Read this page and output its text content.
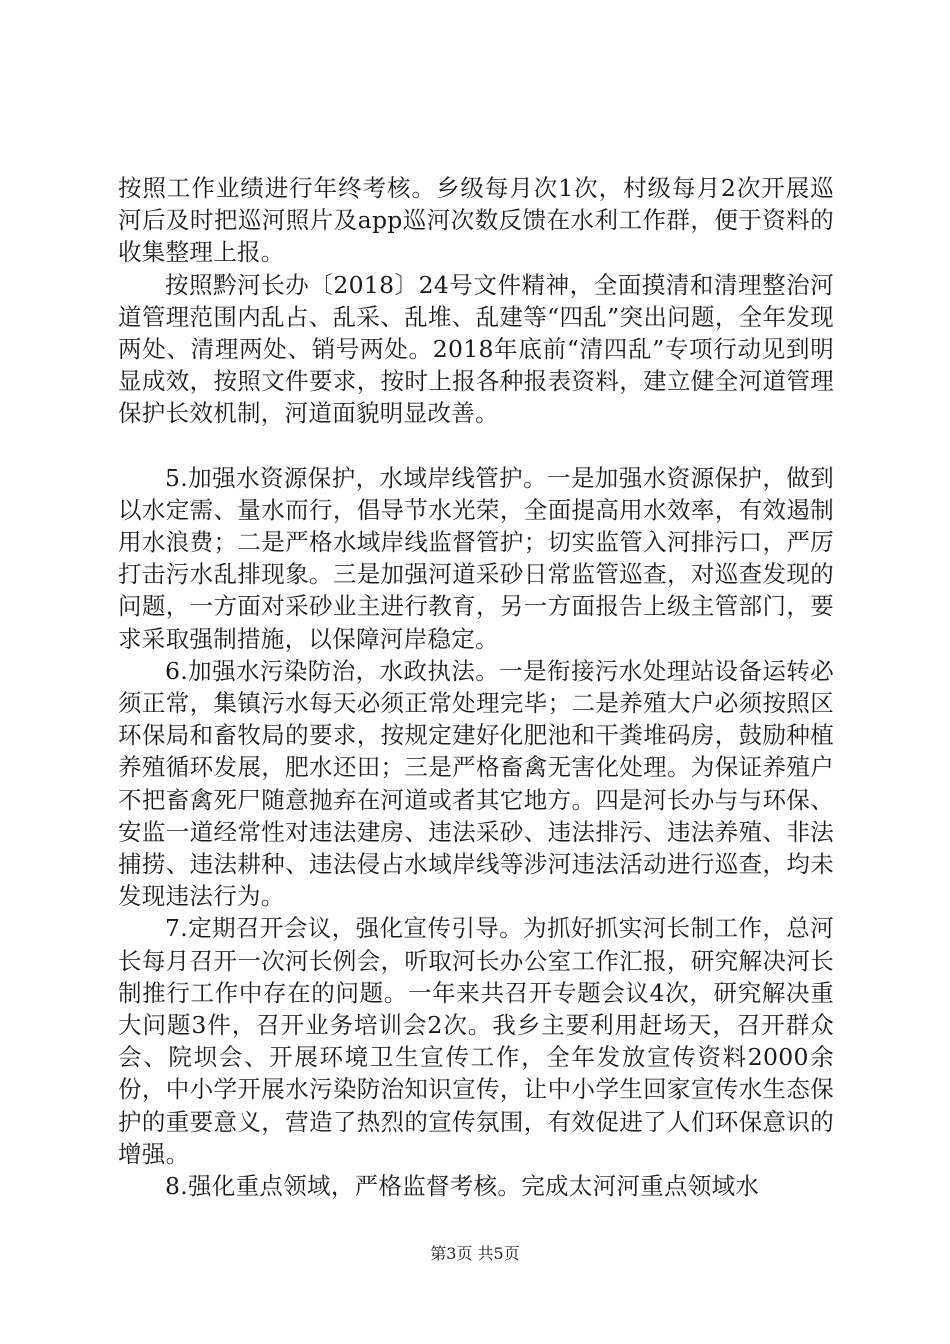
按照工作业绩进行年终考核。乡级每月次1次，村级每月2次开展巡河后及时把巡河照片及app巡河次数反馈在水利工作群，便于资料的收集整理上报。

按照黔河长办〔2018〕24号文件精神，全面摸清和清理整治河道管理范围内乱占、乱采、乱堆、乱建等“四乱”突出问题，全年发现两处、清理两处、销号两处。2018年底前“清四乱”专项行动见到明显成效，按照文件要求，按时上报各种报表资料，建立健全河道管理保护长效机制，河道面貌明显改善。

5.加强水资源保护，水域岸线管护。一是加强水资源保护，做到以水定需、量水而行，倡导节水光荣，全面提高用水效率，有效遏制用水浪费；二是严格水域岸线监督管护；切实监管入河排污口，严厉打击污水乱排现象。三是加强河道采砂日常监管巡查，对巡查发现的问题，一方面对采砂业主进行教育，另一方面报告上级主管部门，要求采取强制措施，以保障河岸稳定。

6.加强水污染防治，水政执法。一是衔接污水处理站设备运转必须正常，集镇污水每天必须正常处理完毕；二是养殖大户必须按照区环保局和畜牧局的要求，按规定建好化肥池和干粪堆码房，鼓励种植养殖循环发展，肥水还田；三是严格畜禽无害化处理。为保证养殖户不把畜禽死尸随意抛弃在河道或者其它地方。四是河长办与与环保、安监一道经常性对违法建房、违法采砂、违法排污、违法养殖、非法捕捞、违法耕种、违法侵占水域岸线等涉河违法活动进行巡查，均未发现违法行为。

7.定期召开会议，强化宣传引导。为抓好抓实河长制工作，总河长每月召开一次河长例会，听取河长办公室工作汇报，研究解决河长制推行工作中存在的问题。一年来共召开专题会议4次，研究解决重大问题3件，召开业务培训会2次。我乡主要利用赶场天，召开群众会、院坝会、开展环境卫生宣传工作，全年发放宣传资料2000余份，中小学开展水污染防治知识宣传，让中小学生回家宣传水生态保护的重要意义，营造了热烈的宣传氛围，有效促进了人们环保意识的增强。

8.强化重点领域，严格监督考核。完成太河河重点领域水

第3页 共5页
